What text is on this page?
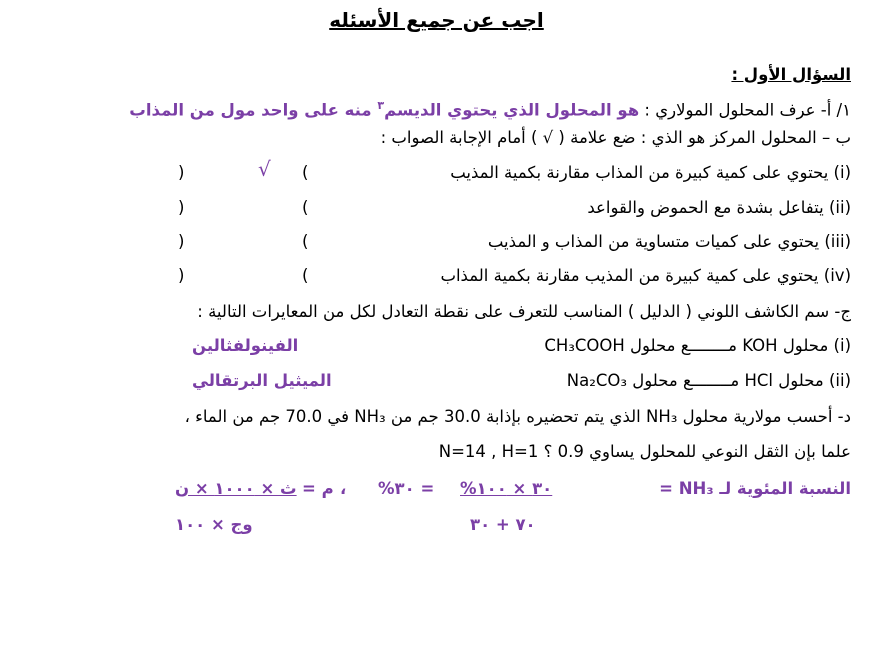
اجب عن جميع الأسئله
السؤال الأول :
١/ أ- عرف المحلول المولاري : هو المحلول الذي يحتوي الديسم$^٣$ منه على واحد مول من المذاب
ب – المحلول المركز هو الذي : ضع علامة ( √ ) أمام الإجابة الصواب :
(i) يحتوي على كمية كبيرة من المذاب مقارنة بكمية المذيب
(
√
)
(ii) يتفاعل بشدة مع الحموض والقواعد
(
)
(iii) يحتوي على كميات متساوية من المذاب و المذيب
(
)
(iv) يحتوي على كمية كبيرة من المذيب مقارنة بكمية المذاب
(
)
ج- سم الكاشف اللوني ( الدليل ) المناسب للتعرف على نقطة التعادل لكل من المعايرات التالية :
(i) محلول KOH مــــــــع محلول CH₃COOH
الفينولفثالين
(ii) محلول HCl مــــــــع محلول Na₂CO₃
الميثيل البرتقالي
د- أحسب مولارية محلول NH₃ الذي يتم تحضيره بإذابة 30.0 جم من NH₃ في 70.0 جم من الماء ،
علما بإن الثقل النوعي للمحلول يساوي 0.9 ؟ N=14 , H=1
النسبة المئوية لـ NH₃ =
٣٠ × ١٠٠%
= ٣٠%
،
م =
ث × ١٠٠٠ × ن
٧٠ + ٣٠
وج × ١٠٠
